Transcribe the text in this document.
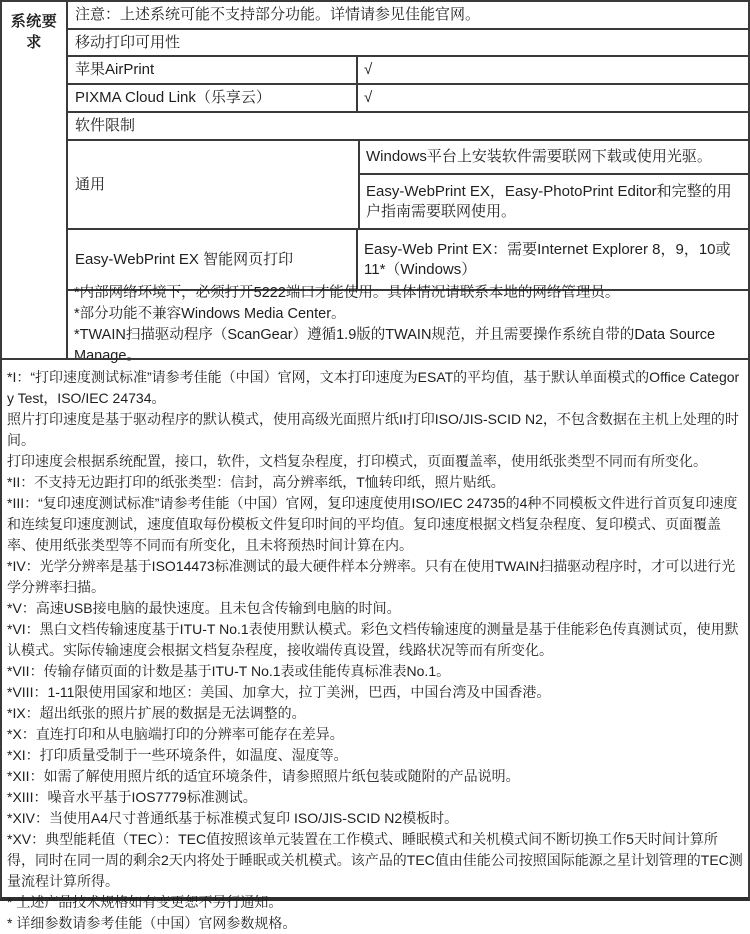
系统要求
注意：上述系统可能不支持部分功能。详情请参见佳能官网。
移动打印可用性
苹果AirPrint	√
PIXMA Cloud Link（乐享云）	√
软件限制
通用
Windows平台上安装软件需要联网下载或使用光驱。
Easy-WebPrint EX，Easy-PhotoPrint Editor和完整的用户指南需要联网使用。
Easy-WebPrint EX 智能网页打印
Easy-Web Print EX：需要Internet Explorer 8，9，10或11*（Windows）
*内部网络环境下，必须打开5222端口才能使用。具体情况请联系本地的网络管理员。
*部分功能不兼容Windows Media Center。
*TWAIN扫描驱动程序（ScanGear）遵循1.9版的TWAIN规范，并且需要操作系统自带的Data Source Manage。

*I：“打印速度测试标准”请参考佳能（中国）官网，文本打印速度为ESAT的平均值，基于默认单面模式的Office Category Test，ISO/IEC 24734。

照片打印速度是基于驱动程序的默认模式，使用高级光面照片纸II打印ISO/JIS-SCID N2，不包含数据在主机上处理的时间。

打印速度会根据系统配置，接口，软件，文档复杂程度，打印模式，页面覆盖率，使用纸张类型不同而有所变化。

*II：不支持无边距打印的纸张类型：信封，高分辨率纸，T恤转印纸，照片贴纸。

*III：“复印速度测试标准”请参考佳能（中国）官网，复印速度使用ISO/IEC 24735的4种不同模板文件进行首页复印速度和连续复印速度测试，速度值取每份模板文件复印时间的平均值。复印速度根据文档复杂程度、复印模式、页面覆盖率、使用纸张类型等不同而有所变化，且未将预热时间计算在内。

*IV：光学分辨率是基于ISO14473标准测试的最大硬件样本分辨率。只有在使用TWAIN扫描驱动程序时，才可以进行光学分辨率扫描。

*V：高速USB接电脑的最快速度。且未包含传输到电脑的时间。

*VI：黑白文档传输速度基于ITU-T No.1表使用默认模式。彩色文档传输速度的测量是基于佳能彩色传真测试页，使用默认模式。实际传输速度会根据文档复杂程度，接收端传真设置，线路状况等而有所变化。

*VII：传输存储页面的计数是基于ITU-T No.1表或佳能传真标准表No.1。

*VIII：1-11限使用国家和地区：美国、加拿大，拉丁美洲，巴西，中国台湾及中国香港。

*IX：超出纸张的照片扩展的数据是无法调整的。

*X：直连打印和从电脑端打印的分辨率可能存在差异。

*XI：打印质量受制于一些环境条件，如温度、湿度等。

*XII：如需了解使用照片纸的适宜环境条件，请参照照片纸包装或随附的产品说明。

*XIII：噪音水平基于IOS7779标准测试。

*XIV：当使用A4尺寸普通纸基于标准模式复印 ISO/JIS-SCID N2模板时。

*XV：典型能耗值（TEC）：TEC值按照该单元装置在工作模式、睡眠模式和关机模式间不断切换工作5天时间计算所得，同时在同一周的剩余2天内将处于睡眠或关机模式。该产品的TEC值由佳能公司按照国际能源之星计划管理的TEC测量流程计算所得。

* 上述产品技术规格如有变更恕不另行通知。

* 详细参数请参考佳能（中国）官网参数规格。
